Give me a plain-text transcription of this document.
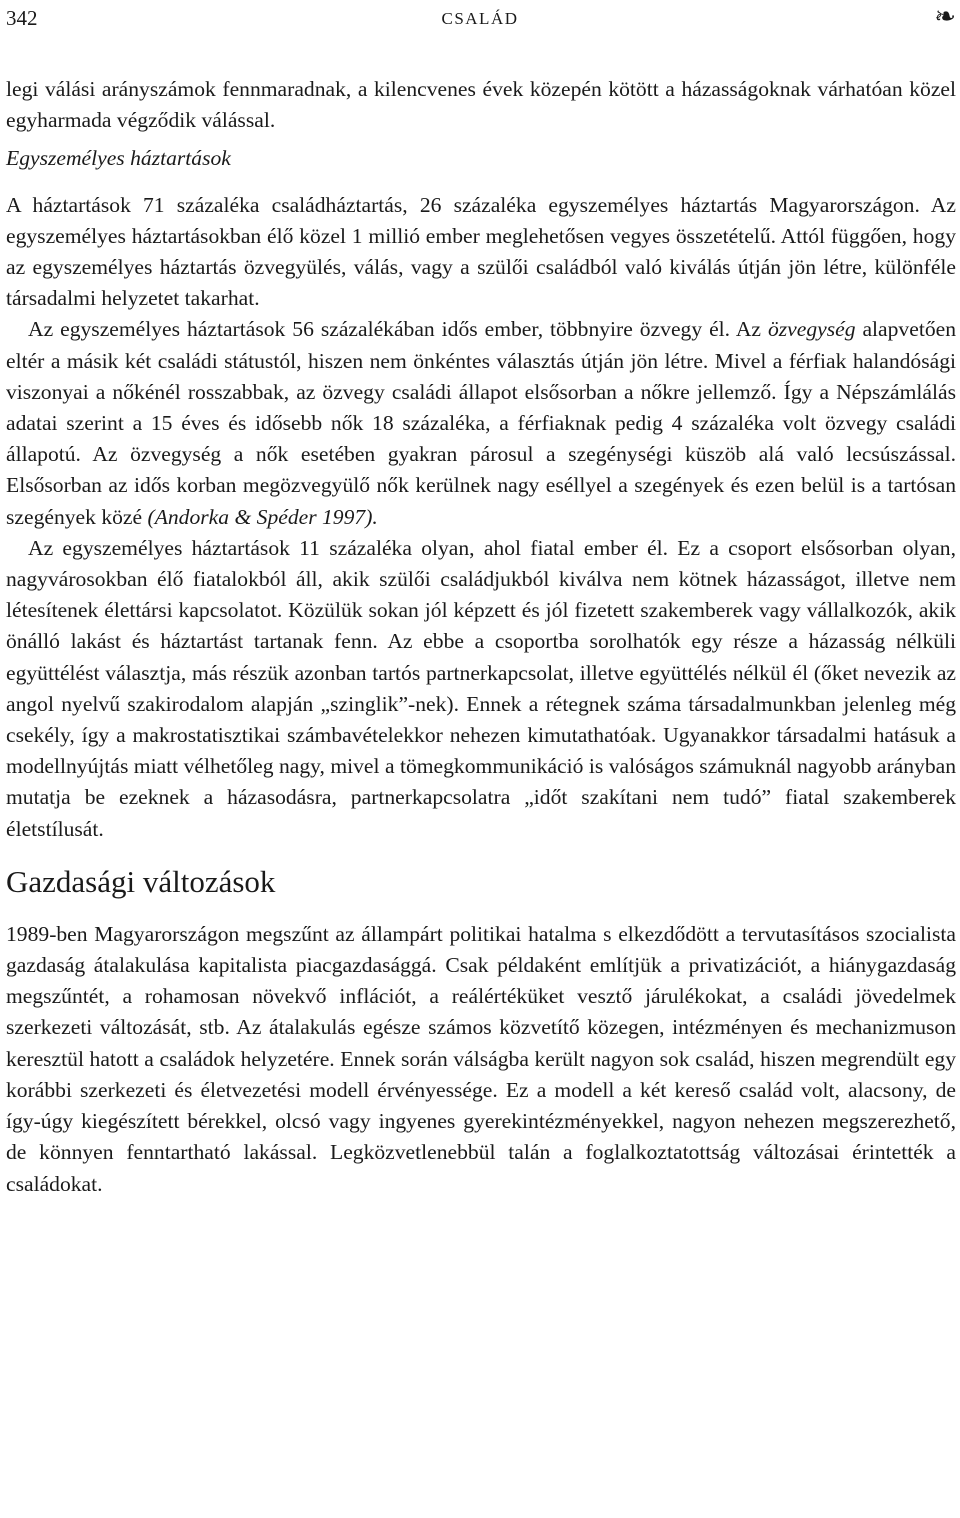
342	CSALÁD	❧

legi válási arányszámok fennmaradnak, a kilencvenes évek közepén kötött a házasságoknak várhatóan közel egyharmada végződik válással.

Egyszemélyes háztartások

A háztartások 71 százaléka családháztartás, 26 százaléka egyszemélyes háztartás Magyarországon. Az egyszemélyes háztartásokban élő közel 1 millió ember meglehetősen vegyes összetételű. Attól függően, hogy az egyszemélyes háztartás özvegyülés, válás, vagy a szülői családból való kiválás útján jön létre, különféle társadalmi helyzetet takarhat.

Az egyszemélyes háztartások 56 százalékában idős ember, többnyire özvegy él. Az özvegység alapvetően eltér a másik két családi státustól, hiszen nem önkéntes választás útján jön létre. Mivel a férfiak halandósági viszonyai a nőkénél rosszabbak, az özvegy családi állapot elsősorban a nőkre jellemző. Így a Népszámlálás adatai szerint a 15 éves és idősebb nők 18 százaléka, a férfiaknak pedig 4 százaléka volt özvegy családi állapotú. Az özvegység a nők esetében gyakran párosul a szegénységi küszöb alá való lecsúszással. Elsősorban az idős korban megözvegyülő nők kerülnek nagy eséllyel a szegények és ezen belül is a tartósan szegények közé (Andorka & Spéder 1997).

Az egyszemélyes háztartások 11 százaléka olyan, ahol fiatal ember él. Ez a csoport elsősorban olyan, nagyvárosokban élő fiatalokból áll, akik szülői családjukból kiválva nem kötnek házasságot, illetve nem létesítenek élettársi kapcsolatot. Közülük sokan jól képzett és jól fizetett szakemberek vagy vállalkozók, akik önálló lakást és háztartást tartanak fenn. Az ebbe a csoportba sorolhatók egy része a házasság nélküli együttélést választja, más részük azonban tartós partnerkapcsolat, illetve együttélés nélkül él (őket nevezik az angol nyelvű szakirodalom alapján „szinglik”-nek). Ennek a rétegnek száma társadalmunkban jelenleg még csekély, így a makrostatisztikai számbavételekkor nehezen kimutathatóak. Ugyanakkor társadalmi hatásuk a modellnyújtás miatt vélhetőleg nagy, mivel a tömegkommunikáció is valóságos számuknál nagyobb arányban mutatja be ezeknek a házasodásra, partnerkapcsolatra „időt szakítani nem tudó” fiatal szakemberek életstílusát.

Gazdasági változások

1989-ben Magyarországon megszűnt az állampárt politikai hatalma s elkezdődött a tervutasításos szocialista gazdaság átalakulása kapitalista piacgazdasággá. Csak példaként említjük a privatizációt, a hiánygazdaság megszűntét, a rohamosan növekvő inflációt, a reálértéküket vesztő járulékokat, a családi jövedelmek szerkezeti változását, stb. Az átalakulás egésze számos közvetítő közegen, intézményen és mechanizmuson keresztül hatott a családok helyzetére. Ennek során válságba került nagyon sok család, hiszen megrendült egy korábbi szerkezeti és életvezetési modell érvényessége. Ez a modell a két kereső család volt, alacsony, de így-úgy kiegészített bérekkel, olcsó vagy ingyenes gyerekintézményekkel, nagyon nehezen megszerezhető, de könnyen fenntartható lakással. Legközvetlenebbül talán a foglalkoztatottság változásai érintették a családokat.
